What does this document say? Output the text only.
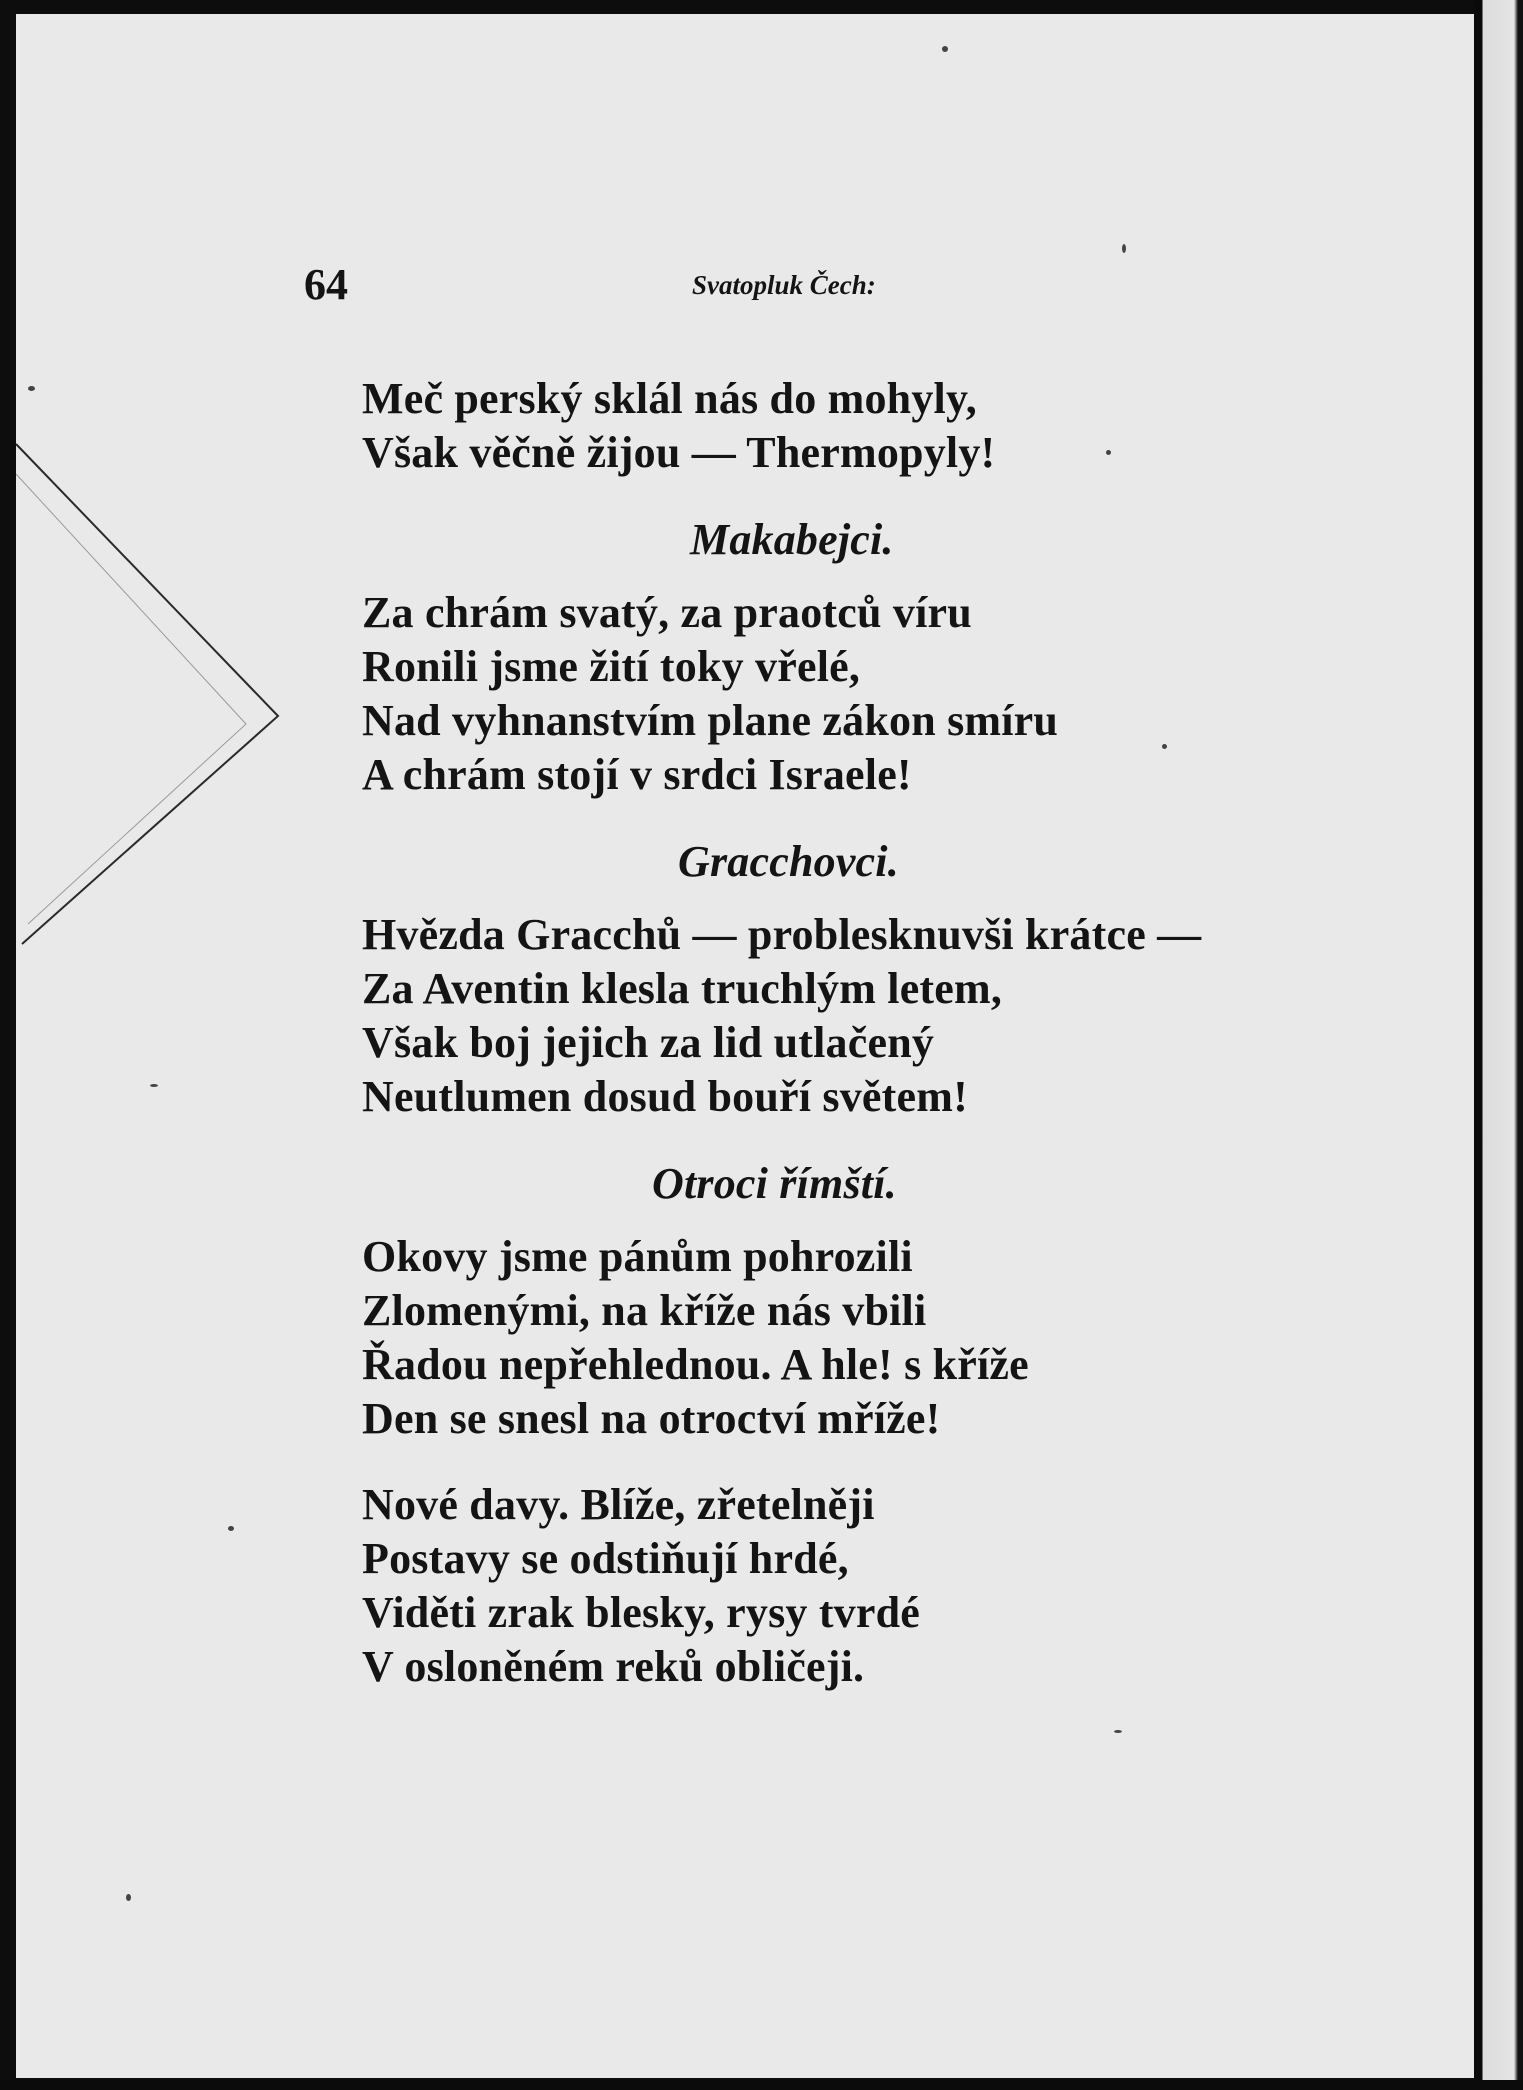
64	Svatopluk Čech:
Meč perský sklál nás do mohyly,
Však věčně žijou — Thermopyly!
Makabejci.
Za chrám svatý, za praotců víru
Ronili jsme žití toky vřelé,
Nad vyhnanstvím plane zákon smíru
A chrám stojí v srdci Israele!
Gracchovci.
Hvězda Gracchů — problesknuvši krátce —
Za Aventin klesla truchlým letem,
Však boj jejich za lid utlačený
Neutlumen dosud bouří světem!
Otroci římští.
Okovy jsme pánům pohrozili
Zlomenými, na kříže nás vbili
Řadou nepřehlednou. A hle! s kříže
Den se snesl na otroctví mříže!
Nové davy. Blíže, zřetelněji
Postavy se odstiňují hrdé,
Viděti zrak blesky, rysy tvrdé
V osloněném reků obličeji.
